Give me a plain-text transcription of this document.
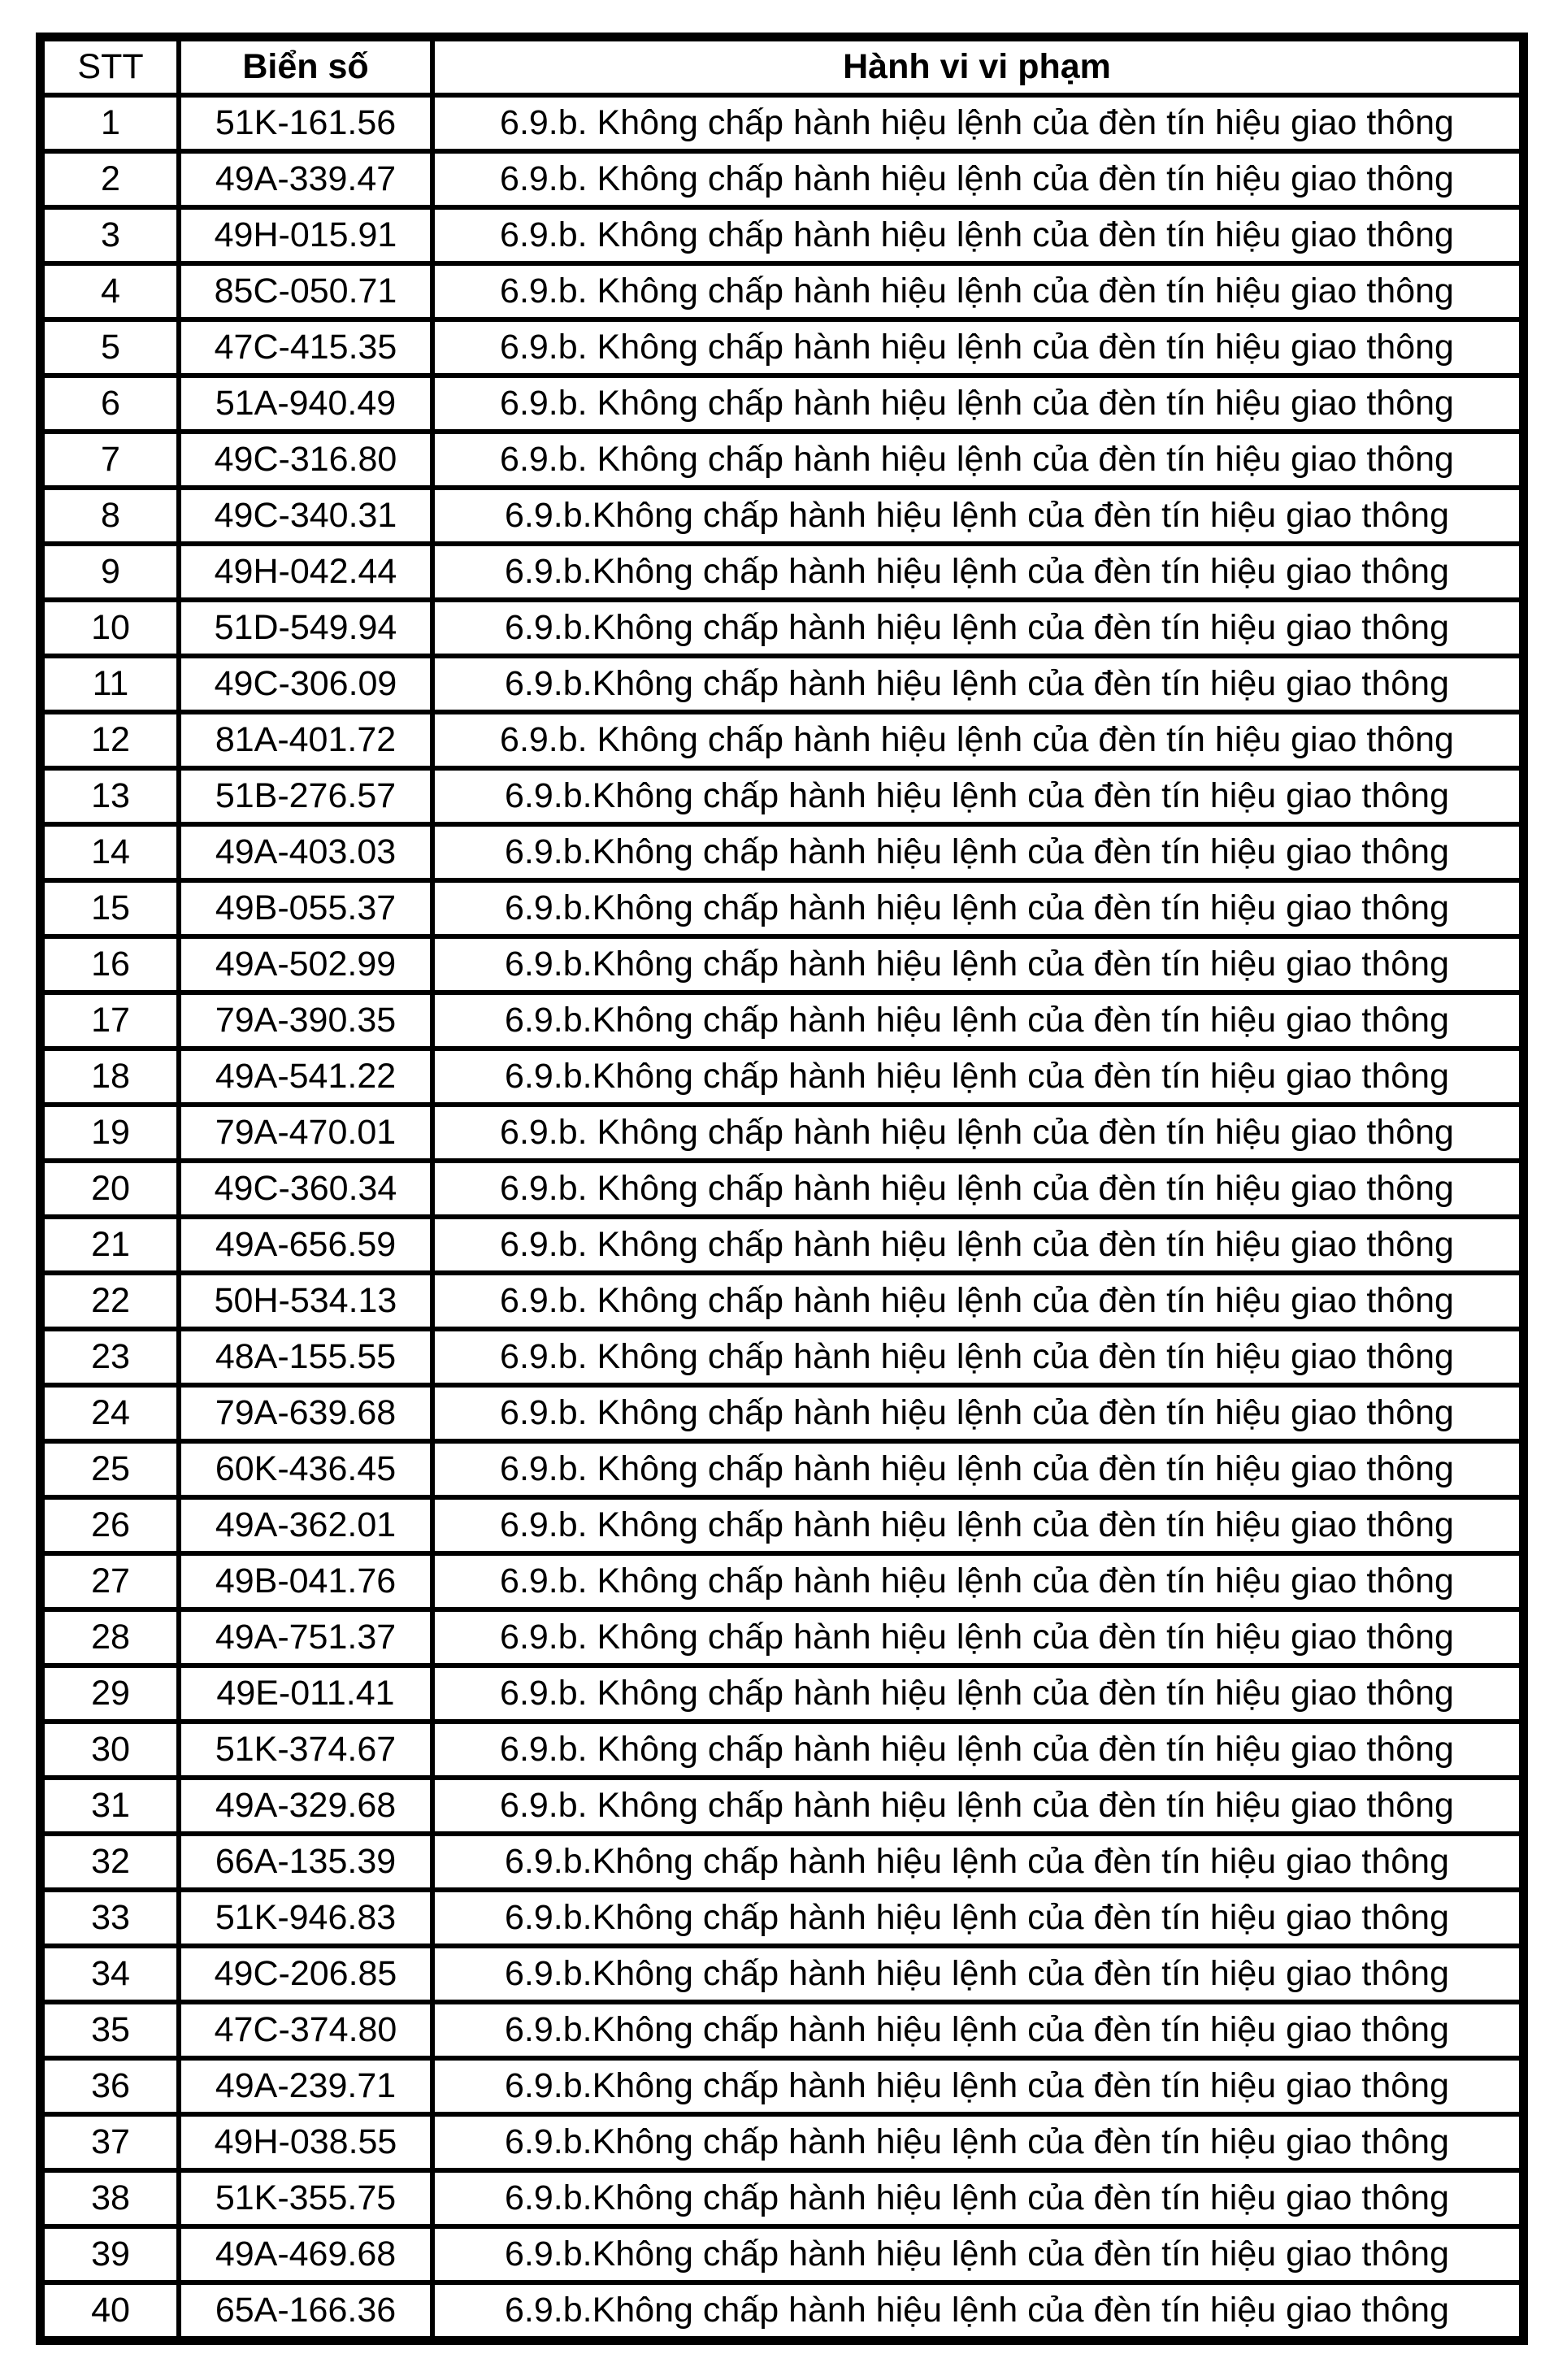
STT	Biển số	Hành vi vi phạm
1	51K-161.56	6.9.b. Không chấp hành hiệu lệnh của đèn tín hiệu giao thông
2	49A-339.47	6.9.b. Không chấp hành hiệu lệnh của đèn tín hiệu giao thông
3	49H-015.91	6.9.b. Không chấp hành hiệu lệnh của đèn tín hiệu giao thông
4	85C-050.71	6.9.b. Không chấp hành hiệu lệnh của đèn tín hiệu giao thông
5	47C-415.35	6.9.b. Không chấp hành hiệu lệnh của đèn tín hiệu giao thông
6	51A-940.49	6.9.b. Không chấp hành hiệu lệnh của đèn tín hiệu giao thông
7	49C-316.80	6.9.b. Không chấp hành hiệu lệnh của đèn tín hiệu giao thông
8	49C-340.31	6.9.b.Không chấp hành hiệu lệnh của đèn tín hiệu giao thông
9	49H-042.44	6.9.b.Không chấp hành hiệu lệnh của đèn tín hiệu giao thông
10	51D-549.94	6.9.b.Không chấp hành hiệu lệnh của đèn tín hiệu giao thông
11	49C-306.09	6.9.b.Không chấp hành hiệu lệnh của đèn tín hiệu giao thông
12	81A-401.72	6.9.b. Không chấp hành hiệu lệnh của đèn tín hiệu giao thông
13	51B-276.57	6.9.b.Không chấp hành hiệu lệnh của đèn tín hiệu giao thông
14	49A-403.03	6.9.b.Không chấp hành hiệu lệnh của đèn tín hiệu giao thông
15	49B-055.37	6.9.b.Không chấp hành hiệu lệnh của đèn tín hiệu giao thông
16	49A-502.99	6.9.b.Không chấp hành hiệu lệnh của đèn tín hiệu giao thông
17	79A-390.35	6.9.b.Không chấp hành hiệu lệnh của đèn tín hiệu giao thông
18	49A-541.22	6.9.b.Không chấp hành hiệu lệnh của đèn tín hiệu giao thông
19	79A-470.01	6.9.b. Không chấp hành hiệu lệnh của đèn tín hiệu giao thông
20	49C-360.34	6.9.b. Không chấp hành hiệu lệnh của đèn tín hiệu giao thông
21	49A-656.59	6.9.b. Không chấp hành hiệu lệnh của đèn tín hiệu giao thông
22	50H-534.13	6.9.b. Không chấp hành hiệu lệnh của đèn tín hiệu giao thông
23	48A-155.55	6.9.b. Không chấp hành hiệu lệnh của đèn tín hiệu giao thông
24	79A-639.68	6.9.b. Không chấp hành hiệu lệnh của đèn tín hiệu giao thông
25	60K-436.45	6.9.b. Không chấp hành hiệu lệnh của đèn tín hiệu giao thông
26	49A-362.01	6.9.b. Không chấp hành hiệu lệnh của đèn tín hiệu giao thông
27	49B-041.76	6.9.b. Không chấp hành hiệu lệnh của đèn tín hiệu giao thông
28	49A-751.37	6.9.b. Không chấp hành hiệu lệnh của đèn tín hiệu giao thông
29	49E-011.41	6.9.b. Không chấp hành hiệu lệnh của đèn tín hiệu giao thông
30	51K-374.67	6.9.b. Không chấp hành hiệu lệnh của đèn tín hiệu giao thông
31	49A-329.68	6.9.b. Không chấp hành hiệu lệnh của đèn tín hiệu giao thông
32	66A-135.39	6.9.b.Không chấp hành hiệu lệnh của đèn tín hiệu giao thông
33	51K-946.83	6.9.b.Không chấp hành hiệu lệnh của đèn tín hiệu giao thông
34	49C-206.85	6.9.b.Không chấp hành hiệu lệnh của đèn tín hiệu giao thông
35	47C-374.80	6.9.b.Không chấp hành hiệu lệnh của đèn tín hiệu giao thông
36	49A-239.71	6.9.b.Không chấp hành hiệu lệnh của đèn tín hiệu giao thông
37	49H-038.55	6.9.b.Không chấp hành hiệu lệnh của đèn tín hiệu giao thông
38	51K-355.75	6.9.b.Không chấp hành hiệu lệnh của đèn tín hiệu giao thông
39	49A-469.68	6.9.b.Không chấp hành hiệu lệnh của đèn tín hiệu giao thông
40	65A-166.36	6.9.b.Không chấp hành hiệu lệnh của đèn tín hiệu giao thông
